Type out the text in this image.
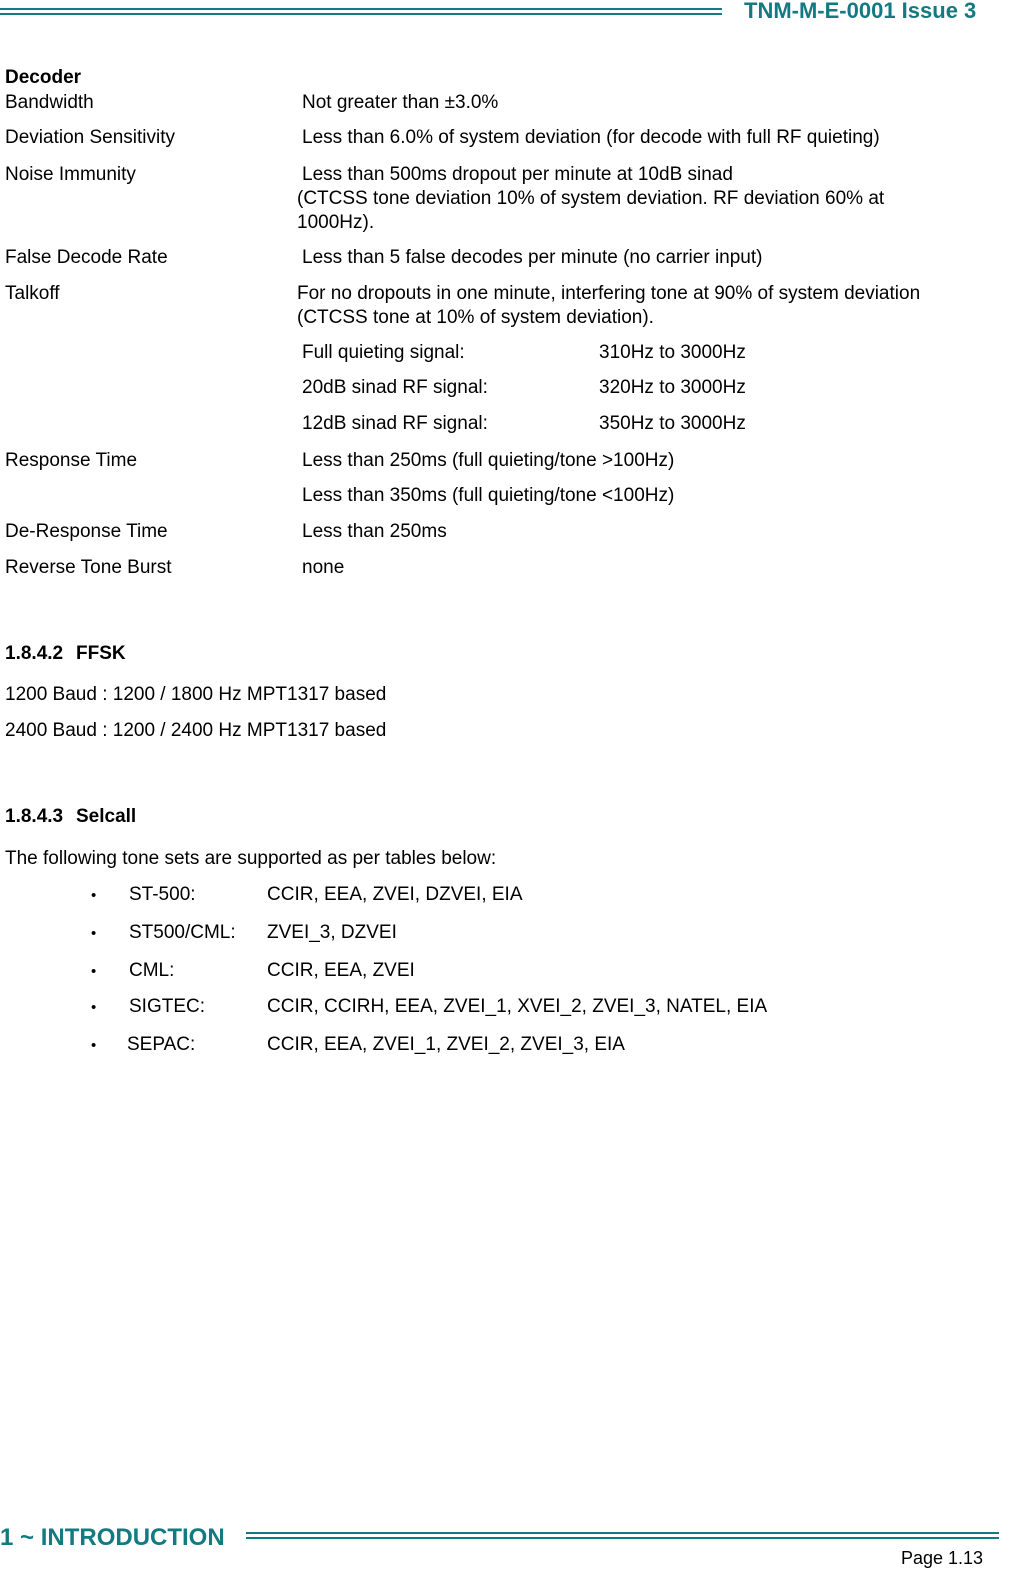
TNM-M-E-0001 Issue 3
Decoder
Bandwidth	Not greater than ±3.0%
Deviation Sensitivity	Less than 6.0% of system deviation (for decode with full RF quieting)
Noise Immunity	Less than 500ms dropout per minute at 10dB sinad
(CTCSS tone deviation 10% of system deviation. RF deviation 60% at
1000Hz).
False Decode Rate	Less than 5 false decodes per minute (no carrier input)
Talkoff	For no dropouts in one minute, interfering tone at 90% of system deviation
(CTCSS tone at 10% of system deviation).
Full quieting signal:	310Hz to 3000Hz
20dB sinad RF signal:	320Hz to 3000Hz
12dB sinad RF signal:	350Hz to 3000Hz
Response Time	Less than 250ms (full quieting/tone >100Hz)
Less than 350ms (full quieting/tone <100Hz)
De-Response Time	Less than 250ms
Reverse Tone Burst	none
1.8.4.2 FFSK
1200 Baud : 1200 / 1800 Hz MPT1317 based
2400 Baud : 1200 / 2400 Hz MPT1317 based
1.8.4.3 Selcall
The following tone sets are supported as per tables below:
• ST-500:	CCIR, EEA, ZVEI, DZVEI, EIA
• ST500/CML: ZVEI_3, DZVEI
• CML:	CCIR, EEA, ZVEI
• SIGTEC:	CCIR, CCIRH, EEA, ZVEI_1, XVEI_2, ZVEI_3, NATEL, EIA
• SEPAC:	CCIR, EEA, ZVEI_1, ZVEI_2, ZVEI_3, EIA
1 ~ INTRODUCTION
Page 1.13
